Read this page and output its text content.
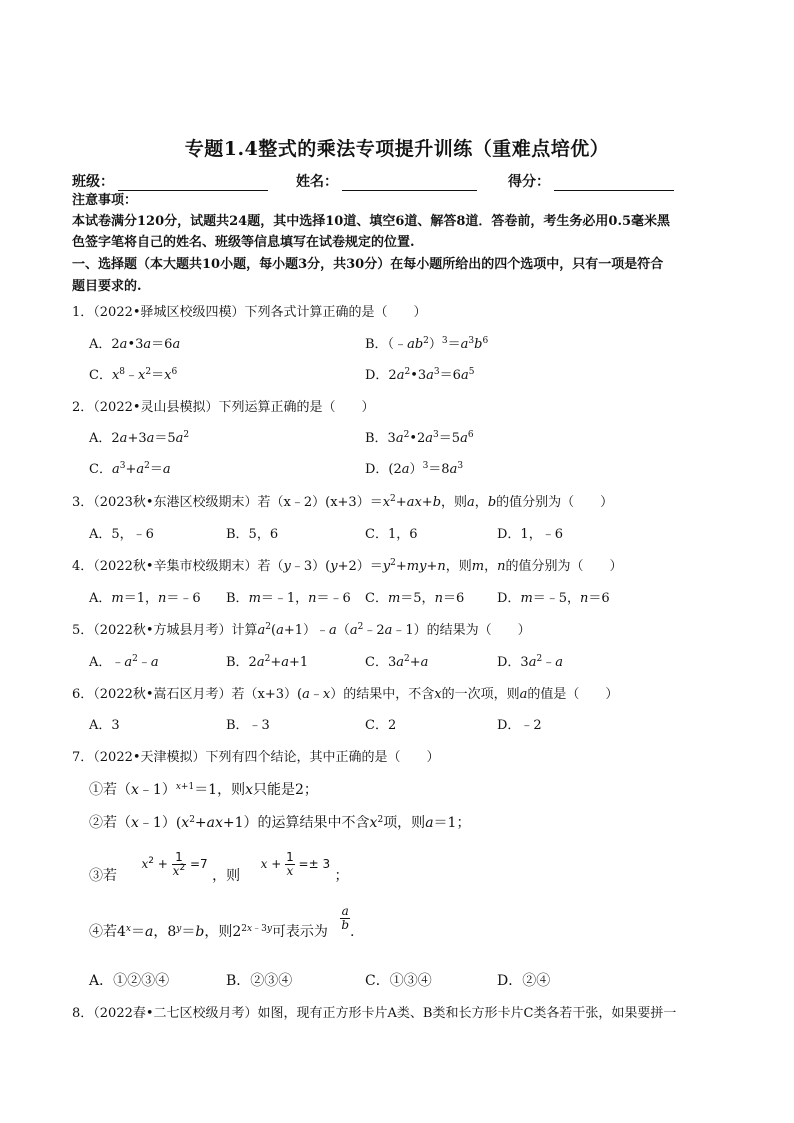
专题1.4整式的乘法专项提升训练（重难点培优）
班级：	姓名：	得分：
注意事项：
本试卷满分120分，试题共24题，其中选择10道、填空6道、解答8道．答卷前，考生务必用0.5毫米黑
色签字笔将自己的姓名、班级等信息填写在试卷规定的位置.
一、选择题（本大题共10小题，每小题3分，共30分）在每小题所给出的四个选项中，只有一项是符合
题目要求的.
1．（2022•驿城区校级四模）下列各式计算正确的是（　　）
A．2a•3a＝6a	B．$(﹣ab^2)^3=a^3b^6$
C．$x^8﹣x^2=x^6$	D．$2a^2•3a^3=6a^5$
2．（2022•灵山县模拟）下列运算正确的是（　　）
A．$2a+3a=5a^2$	B．$3a^2•2a^3=5a^6$
C．$a^3+a^2=a$	D．$(2a)^3=8a^3$
3．（2023秋•东港区校级期末）若$(x﹣2)(x+3)=x^2+ax+b$，则a，b的值分别为（　　）
A．5，﹣6	B．5，6	C．1，6	D．1，﹣6
4．（2022秋•辛集市校级期末）若$(y﹣3)(y+2)=y^2+my+n$，则m，n的值分别为（　　）
A．m＝1，n＝﹣6 B．m＝﹣1，n＝﹣6 C．m＝5，n＝6	D．m＝﹣5，n＝6
5．（2022秋•方城县月考）计算$a^2(a+1)﹣a(a^2﹣2a﹣1)$的结果为（　　）
A．$﹣a^2﹣a$	B．$2a^2+a+1$	C．$3a^2+a$	D．$3a^2﹣a$
6．（2022秋•嵩石区月考）若（x+3）(a﹣x）的结果中，不含x的一次项，则a的值是（　　）
A．3	B．﹣3	C．2	D．﹣2
7．（2022•天津模拟）下列有四个结论，其中正确的是（　　）
①若（x﹣1）$^{x+1}$＝1，则x只能是2；
②若$(x﹣1)(x^2+ax+1)$的运算结果中不含$x^2$项，则a＝1；
③若 $x^2 + \frac{1}{x^2} =7$ ，则 $x + \frac{1}{x} =\pm 3$ ；
④若$4^x=a$，$8^y=b$，则$2^{2x﹣3y}$可表示为
$\frac{a}{b}$
.
A．①②③④	B．②③④	C．①③④	D．②④
8．（2022春•二七区校级月考）如图，现有正方形卡片A类、B类和长方形卡片C类各若干张，如果要拼一
